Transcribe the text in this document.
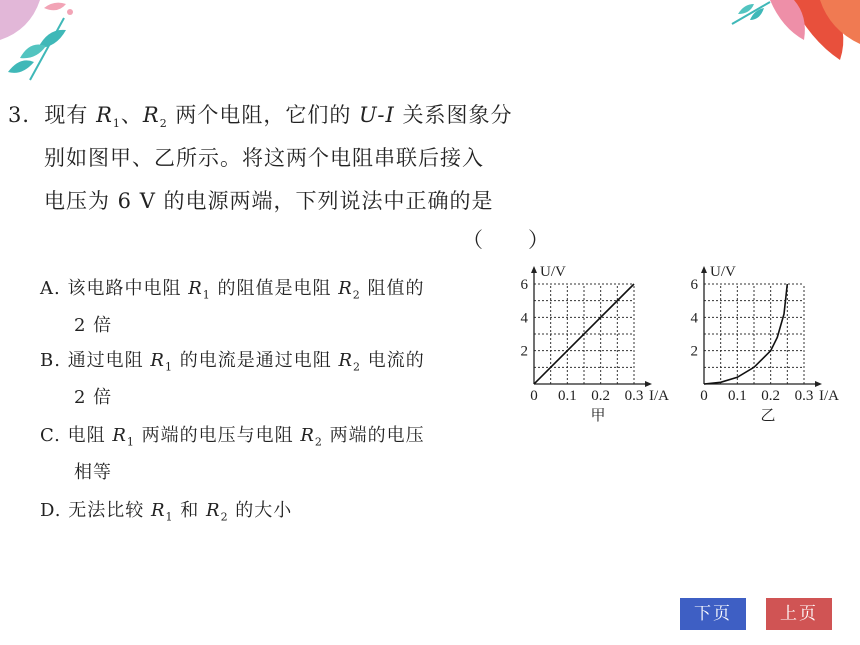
3．现有 $R_1$、$R_2$ 两个电阻，它们的 U-I 关系图象分
别如图甲、乙所示。将这两个电阻串联后接入
电压为 6 V 的电源两端，下列说法中正确的是
（　　）
A. 该电路中电阻 $R_1$ 的阻值是电阻 $R_2$ 阻值的
2 倍
B. 通过电阻 $R_1$ 的电流是通过电阻 $R_2$ 电流的
2 倍
C. 电阻 $R_1$ 两端的电压与电阻 $R_2$ 两端的电压
相等
D. 无法比较 $R_1$ 和 $R_2$ 的大小
I/A
U/V
0 0.1 0.2 0.3
2
4
6
甲
I/A
U/V
0 0.1 0.2 0.3
2
4
6
乙
下页	上页
